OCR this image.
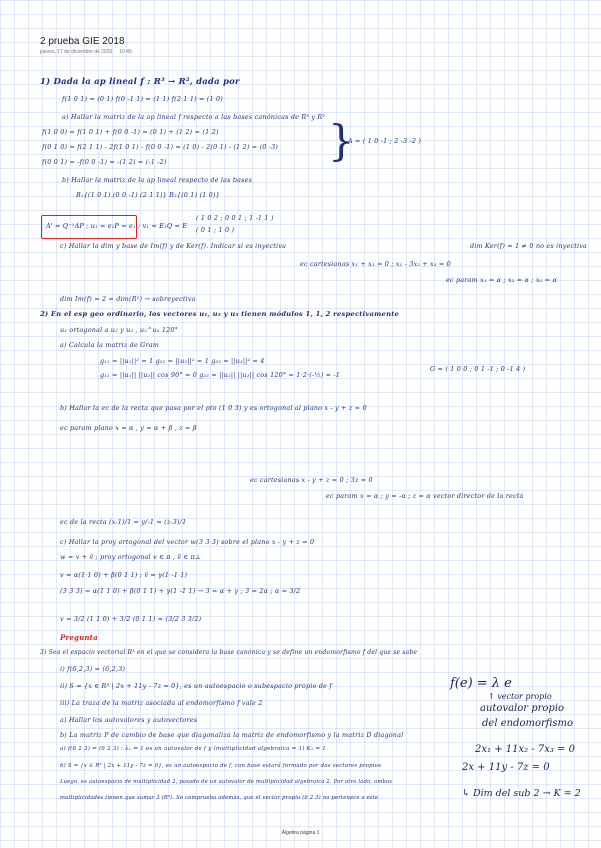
2 prueba GIE 2018
jueves, 17 de diciembre de 2020 10:45
1) Dada la ap lineal f : R³ → R², dada por
f(1 0 1) = (0 1) f(0 -1 1) = (1 1) f(2 1 1) = (1 0)
a) Hallar la matriz de la ap lineal f respecto a las bases canónicas de R³ y R²
f(1 0 0) = f(1 0 1) + f(0 0 -1) = (0 1) + (1 2) = (1 2)
f(0 1 0) = f(2 1 1) - 2f(1 0 1) - f(0 0 -1) = (1 0) - 2(0 1) - (1 2) = (0 -3)
f(0 0 1) = -f(0 0 -1) = -(1 2) = (-1 -2)	}
A = ( 1 0 -1 ; 2 -3 -2 )
b) Hallar la matriz de la ap lineal respecto de las bases
B₁{(1 0 1) (0 0 -1) (2 1 1)} B₂{(0 1) (1 0)}
A' = Q⁻¹AP ; u₁ = e₁P = e₁ ; v₁ = E₁Q = E
( 1 0 2 ; 0 0 1 ; 1 -1 1 )
( 0 1 ; 1 0 )
c) Hallar la dim y base de Im(f) y de Ker(f). Indicar si es inyectiva	dim Ker(f) = 1 ≠ 0 no es inyectiva
ec cartesianas x₁ + x₂ = 0 ; x₁ - 3x₂ + x₃ = 0
ec param x₁ = α ; x₂ = α ; x₃ = α
dim Im(f) = 2 = dim(R²) → sobreyectiva
2) En el esp geo ordinario, los vectores u₁, u₂ y u₃ tienen módulos 1, 1, 2 respectivamente
u₁ ortogonal a u₂ y u₃ , u₂^u₃ 120°
a) Calcula la matriz de Gram
g₁₁ = ||u₁||² = 1 g₂₂ = ||u₂||² = 1 g₃₃ = ||u₃||² = 4
g₁₂ = ||u₁|| ||u₂|| cos 90° = 0 g₂₃ = ||u₂|| ||u₃|| cos 120° = 1·2·(-½) = -1
G = ( 1 0 0 ; 0 1 -1 ; 0 -1 4 )
b) Hallar la ec de la recta que pasa por el pto (1 0 3) y es ortogonal al plano x - y + z = 0
ec param plano x = α , y = α + β , z = β
ec cartesianas x - y + z = 0 ; 3z = 0
ec param x = α ; y = -α ; z = α vector director de la recta
ec de la recta (x-1)/1 = y/-1 = (z-3)/1
c) Hallar la proy ortogonal del vector w(3 3 3) sobre el plano x - y + z = 0
w = v + v̄ ; proy ortogonal v ∈ π , v̄ ∈ π⊥
v = α(1 1 0) + β(0 1 1) ; v̄ = γ(1 -1 1)
(3 3 3) = α(1 1 0) + β(0 1 1) + γ(1 -1 1) → 3 = α + γ ; 3 = 2α ; α = 3/2
v = 3/2 (1 1 0) + 3/2 (0 1 1) = (3/2 3 3/2)
Pregunta
3) Sea el espacio vectorial R³ en el que se considera la base canónica y se define un endomorfismo f del que se sabe
i) f(6,2,3) = (6,2,3)
ii) S = {x ∈ R³ | 2x + 11y - 7z = 0}, es un autoespacio o subespacio propio de f
iii) La traza de la matriz asociada al endomorfismo f vale 2
a) Hallar los autovalores y autovectores
b) La matriz P de cambio de base que diagonaliza la matriz de endomorfismo y la matriz D diagonal
a) f(6 2 3) = (6 2 3) : λ₁ = 1 es un autovalor de f y (multiplicidad algebraica = 1) K₁ = 1
b) S = {x ∈ R³ | 2x + 11y - 7z = 0}, es un autoespacio de f, con base estará formado por dos vectores propios
Luego, es autoespacio de multiplicidad 2, pasado de un autovalor de multiplicidad algebraica 2. Por otro lado, ambos
multiplicidades tienen que sumar 3 (R³). Se comprueba además, que el vector propio (6 2 3) no pertenece a este
f(e) = λ e
↑ vector propio
autovalor propio
del endomorfismo
2x₁ + 11x₂ - 7x₃ = 0
2x + 11y - 7z = 0
↳ Dim del sub 2 → K = 2
Álgebra página 1
